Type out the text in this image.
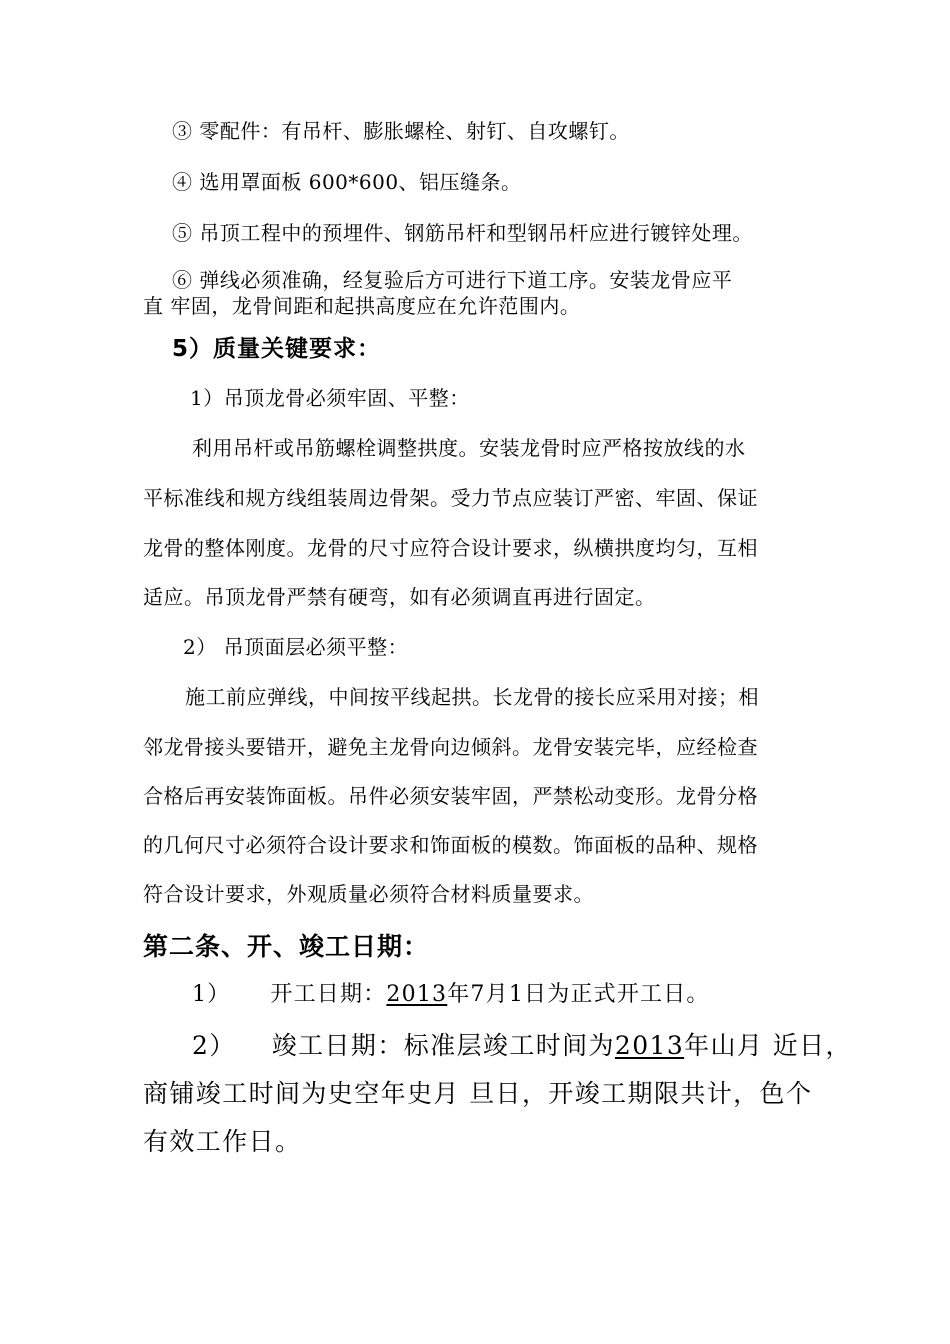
③ 零配件：有吊杆、膨胀螺栓、射钉、自攻螺钉。
④ 选用罩面板 600*600、铝压缝条。
⑤ 吊顶工程中的预埋件、钢筋吊杆和型钢吊杆应进行镀锌处理。
⑥ 弹线必须准确，经复验后方可进行下道工序。安装龙骨应平
直 牢固，龙骨间距和起拱高度应在允许范围内。
5）质量关键要求：
1）吊顶龙骨必须牢固、平整：
利用吊杆或吊筋螺栓调整拱度。安装龙骨时应严格按放线的水
平标准线和规方线组装周边骨架。受力节点应装订严密、牢固、保证
龙骨的整体刚度。龙骨的尺寸应符合设计要求，纵横拱度均匀，互相
适应。吊顶龙骨严禁有硬弯，如有必须调直再进行固定。
2） 吊顶面层必须平整：
施工前应弹线，中间按平线起拱。长龙骨的接长应采用对接；相
邻龙骨接头要错开，避免主龙骨向边倾斜。龙骨安装完毕，应经检查
合格后再安装饰面板。吊件必须安装牢固，严禁松动变形。龙骨分格
的几何尺寸必须符合设计要求和饰面板的模数。饰面板的品种、规格
符合设计要求，外观质量必须符合材料质量要求。
第二条、开、竣工日期：
1） 开工日期：2013年7月1日为正式开工日。
2） 竣工日期：标准层竣工时间为2013年山月 近日，
商铺竣工时间为史空年史月 旦日，开竣工期限共计，色个
有效工作日。
